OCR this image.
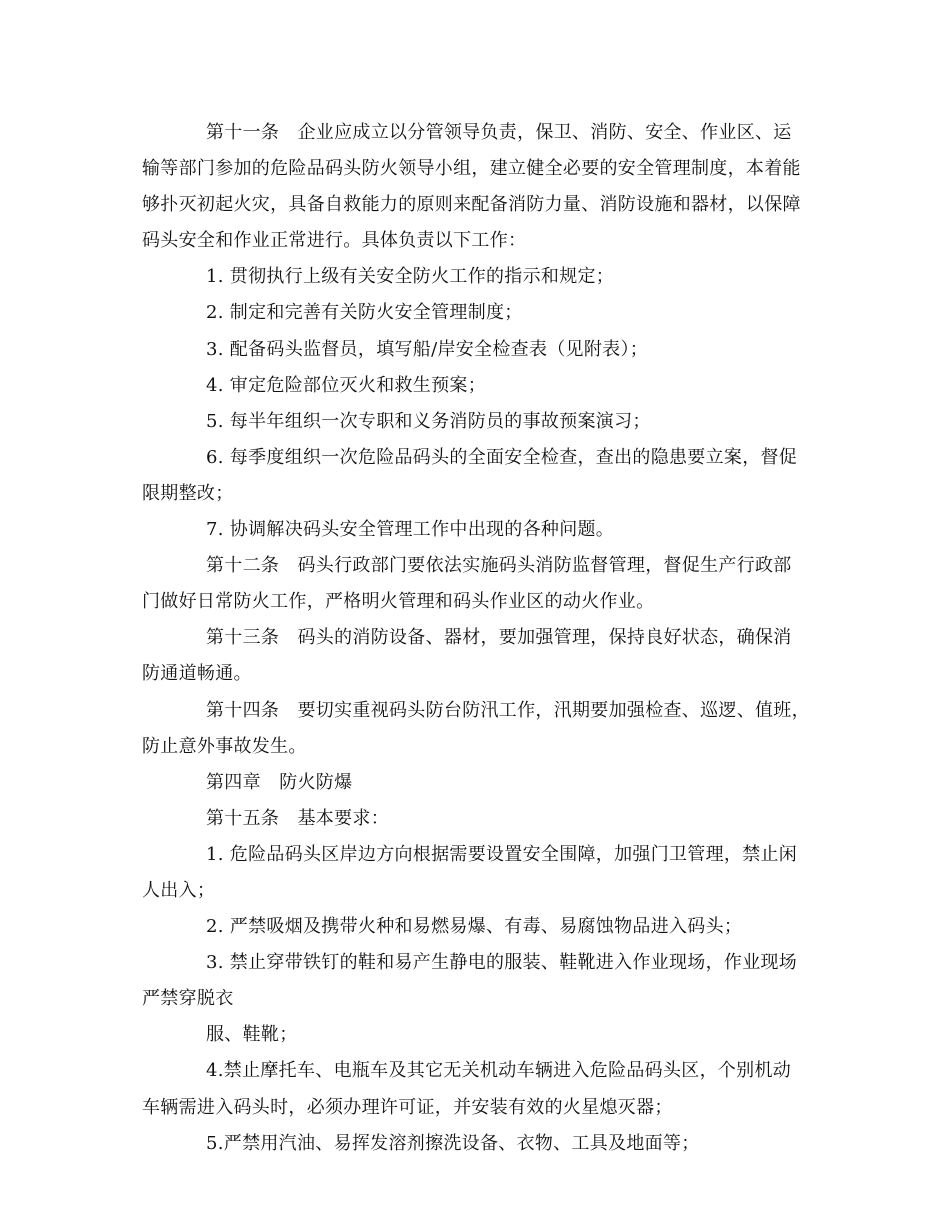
第十一条　企业应成立以分管领导负责，保卫、消防、安全、作业区、运
输等部门参加的危险品码头防火领导小组，建立健全必要的安全管理制度，本着能
够扑灭初起火灾，具备自救能力的原则来配备消防力量、消防设施和器材，以保障
码头安全和作业正常进行。具体负责以下工作：
1. 贯彻执行上级有关安全防火工作的指示和规定；
2. 制定和完善有关防火安全管理制度；
3. 配备码头监督员，填写船/岸安全检查表（见附表）；
4. 审定危险部位灭火和救生预案；
5. 每半年组织一次专职和义务消防员的事故预案演习；
6. 每季度组织一次危险品码头的全面安全检查，查出的隐患要立案，督促
限期整改；
7. 协调解决码头安全管理工作中出现的各种问题。
第十二条　码头行政部门要依法实施码头消防监督管理，督促生产行政部
门做好日常防火工作，严格明火管理和码头作业区的动火作业。
第十三条　码头的消防设备、器材，要加强管理，保持良好状态，确保消
防通道畅通。
第十四条　要切实重视码头防台防汛工作，汛期要加强检查、巡逻、值班，
防止意外事故发生。
第四章　防火防爆
第十五条　基本要求：
1. 危险品码头区岸边方向根据需要设置安全围障，加强门卫管理，禁止闲
人出入；
2. 严禁吸烟及携带火种和易燃易爆、有毒、易腐蚀物品进入码头；
3. 禁止穿带铁钉的鞋和易产生静电的服装、鞋靴进入作业现场，作业现场
严禁穿脱衣
服、鞋靴；
4.禁止摩托车、电瓶车及其它无关机动车辆进入危险品码头区，个别机动
车辆需进入码头时，必须办理许可证，并安装有效的火星熄灭器；
5.严禁用汽油、易挥发溶剂擦洗设备、衣物、工具及地面等；
